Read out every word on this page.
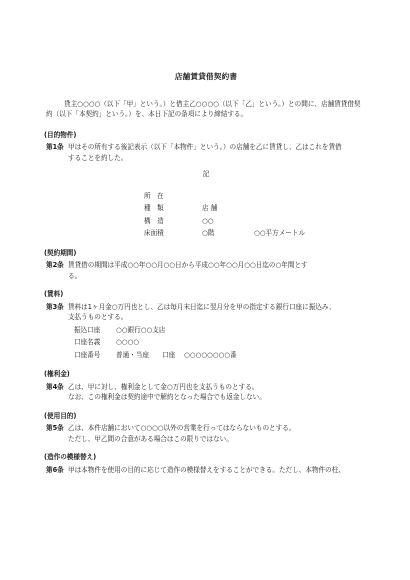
店舗賃貸借契約書

貸主○○○○（以下「甲」という。）と借主乙○○○○（以下「乙」という。）との間に、店舗賃貸借契

約（以下「本契約」という。）を、本日下記の条項により締結する。

(目的物件)
第1条 甲はその所有する後記表示（以下「本物件」という。）の店舗を乙に賃貸し、乙はこれを賃借

することを約した。

記
所　在		
種　類	店 舗	
構　造	○○	
床面積	○階	○○平方メートル
(契約期間)
第2条 賃貸借の期間は平成○○年○○月○○日から平成○○年○○月○○日迄の○年間とす

る。

(賃料)
第3条 賃料は1ヶ月金○万円也とし、乙は毎月末日迄に翌月分を甲の指定する銀行口座に振込み、

支払うものとする。

振込口座	○○銀行○○支店		
口座名義	○○○○		
口座番号	普通・当座	口座	○○○○○○○○番
(権利金)
第4条 乙は、甲に対し、権利金として金○万円也を支払うものとする。

なお、この権利金は契約途中で解約となった場合でも返金しない。

(使用目的)
第5条 乙は、本件店舗において○○○○以外の営業を行ってはならないものとする。

ただし、甲乙間の合意がある場合はこの限りではない。

(造作の模様替え)
第6条 甲は本物件を使用の目的に応じて造作の模様替えをすることができる。ただし、本物件の柱、
